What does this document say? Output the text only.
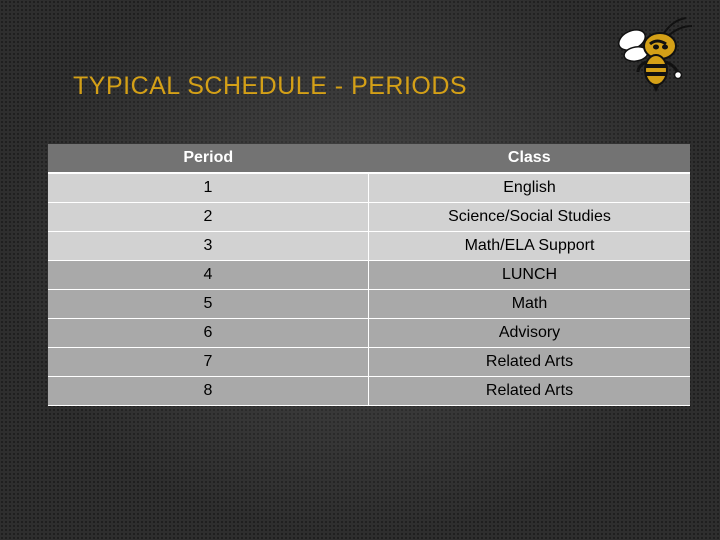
TYPICAL SCHEDULE - PERIODS
Period	Class
1	English
2	Science/Social Studies
3	Math/ELA Support
4	LUNCH
5	Math
6	Advisory
7	Related Arts
8	Related Arts
